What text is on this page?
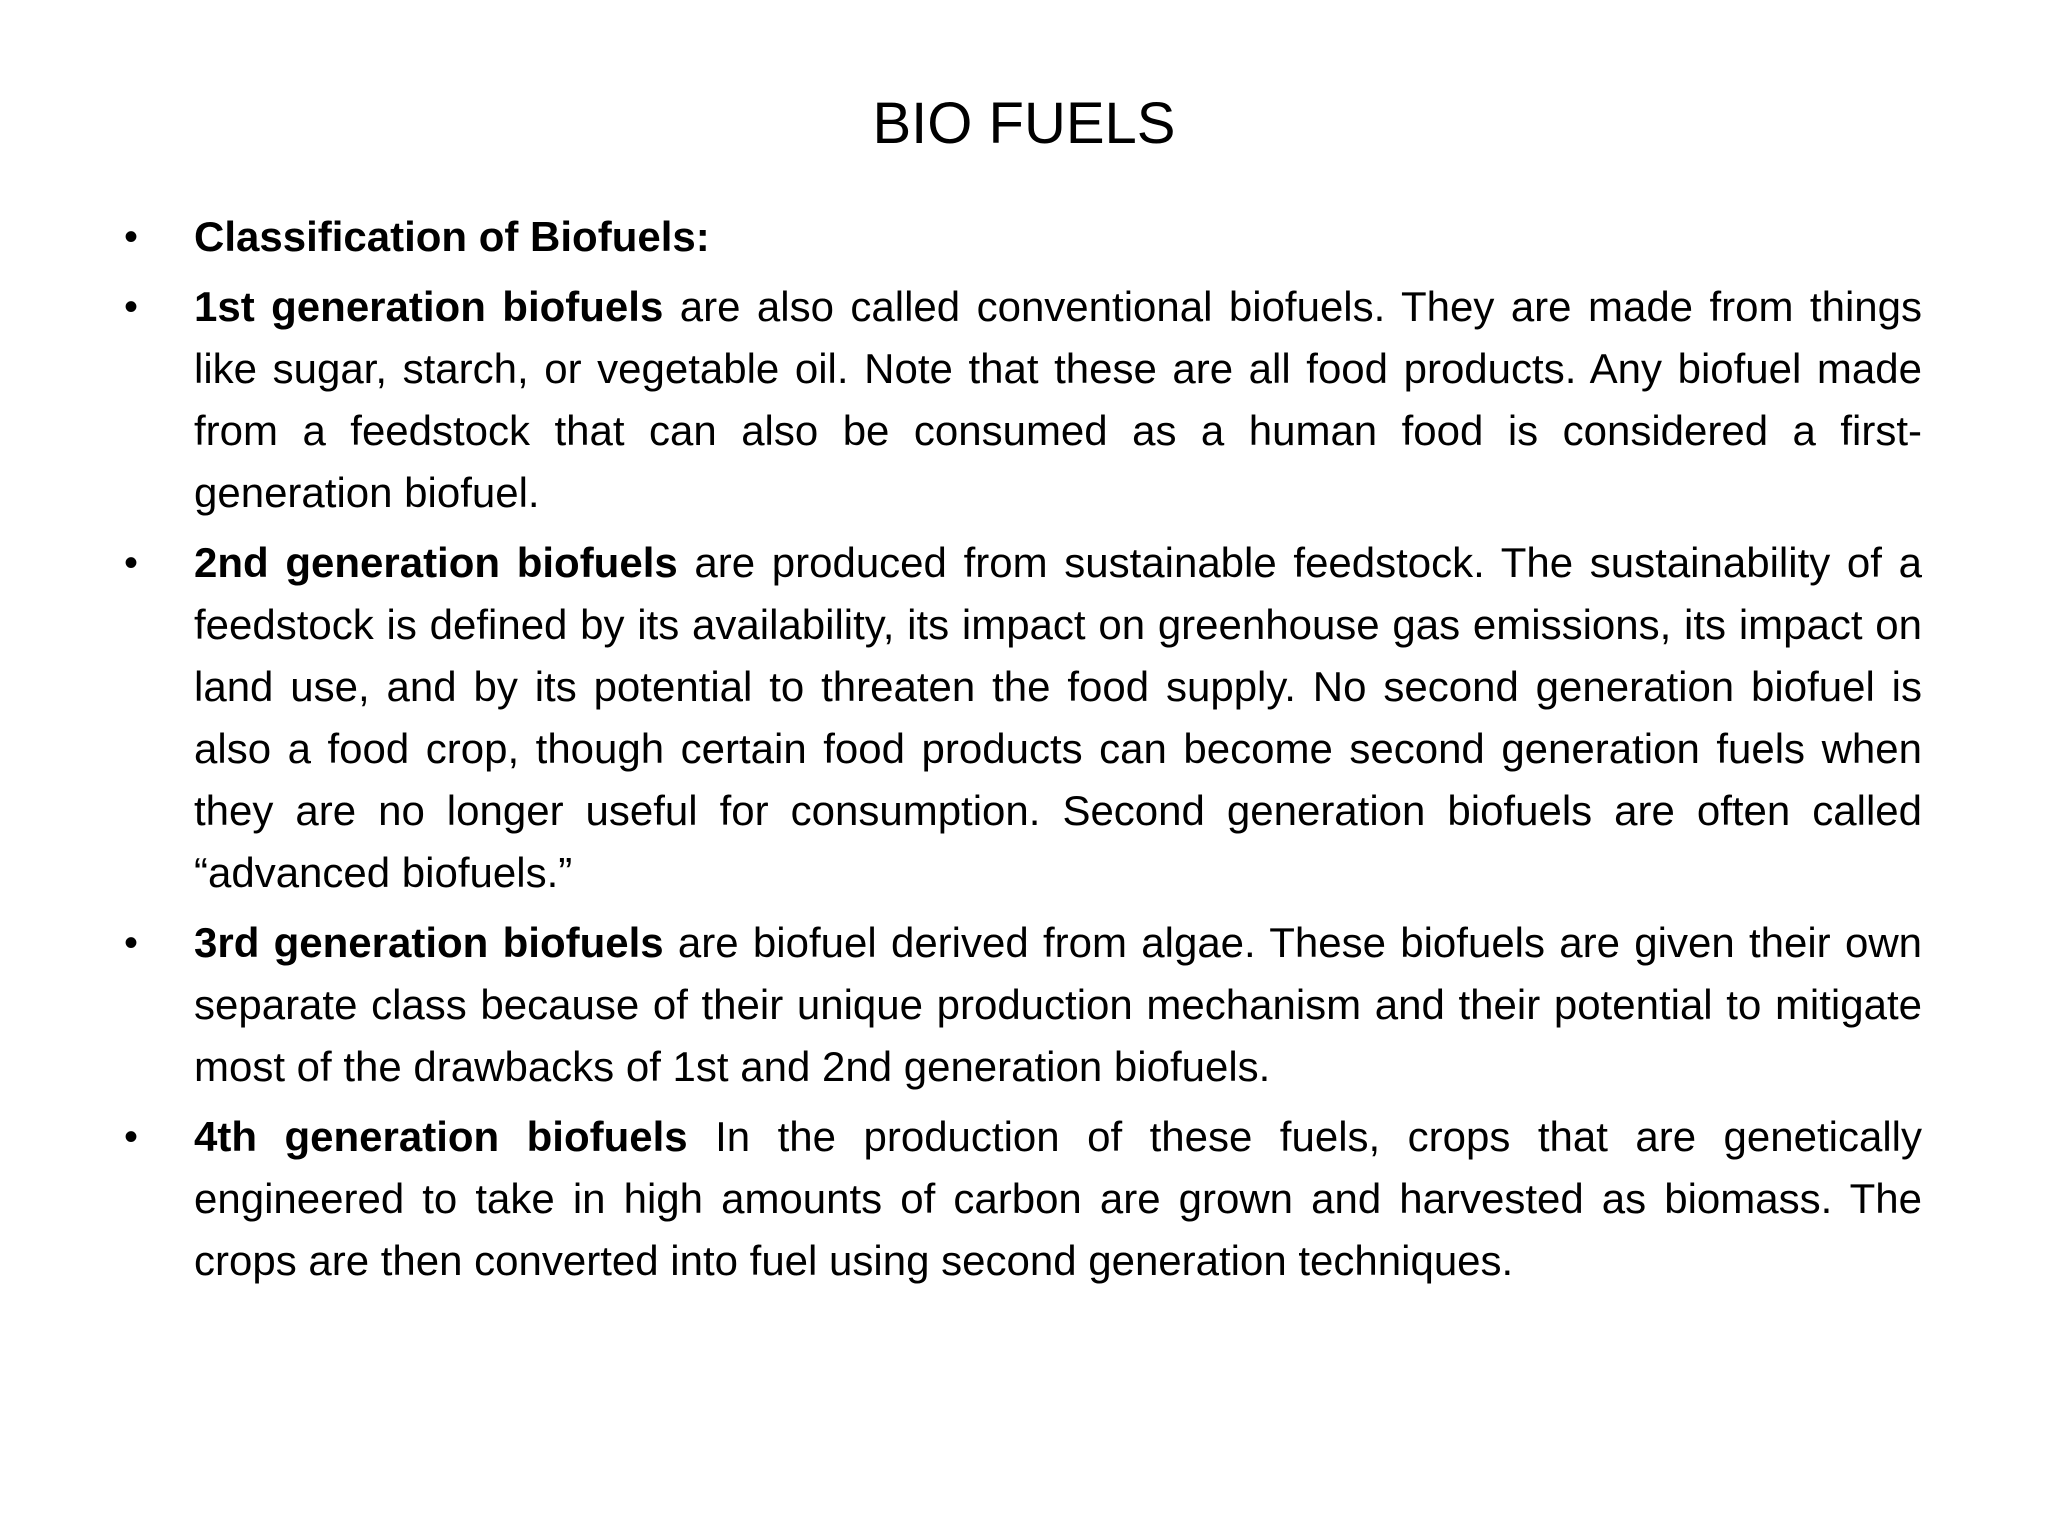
BIO FUELS
•	Classification of Biofuels:
•	1st generation biofuels are also called conventional biofuels. They are made from things like sugar, starch, or vegetable oil. Note that these are all food products. Any biofuel made from a feedstock that can also be consumed as a human food is considered a first-generation biofuel.
•	2nd generation biofuels are produced from sustainable feedstock. The sustainability of a feedstock is defined by its availability, its impact on greenhouse gas emissions, its impact on land use, and by its potential to threaten the food supply. No second generation biofuel is also a food crop, though certain food products can become second generation fuels when they are no longer useful for consumption. Second generation biofuels are often called “advanced biofuels.”
•	3rd generation biofuels are biofuel derived from algae. These biofuels are given their own separate class because of their unique production mechanism and their potential to mitigate most of the drawbacks of 1st and 2nd generation biofuels.
•	4th generation biofuels In the production of these fuels, crops that are genetically engineered to take in high amounts of carbon are grown and harvested as biomass. The crops are then converted into fuel using second generation techniques.
